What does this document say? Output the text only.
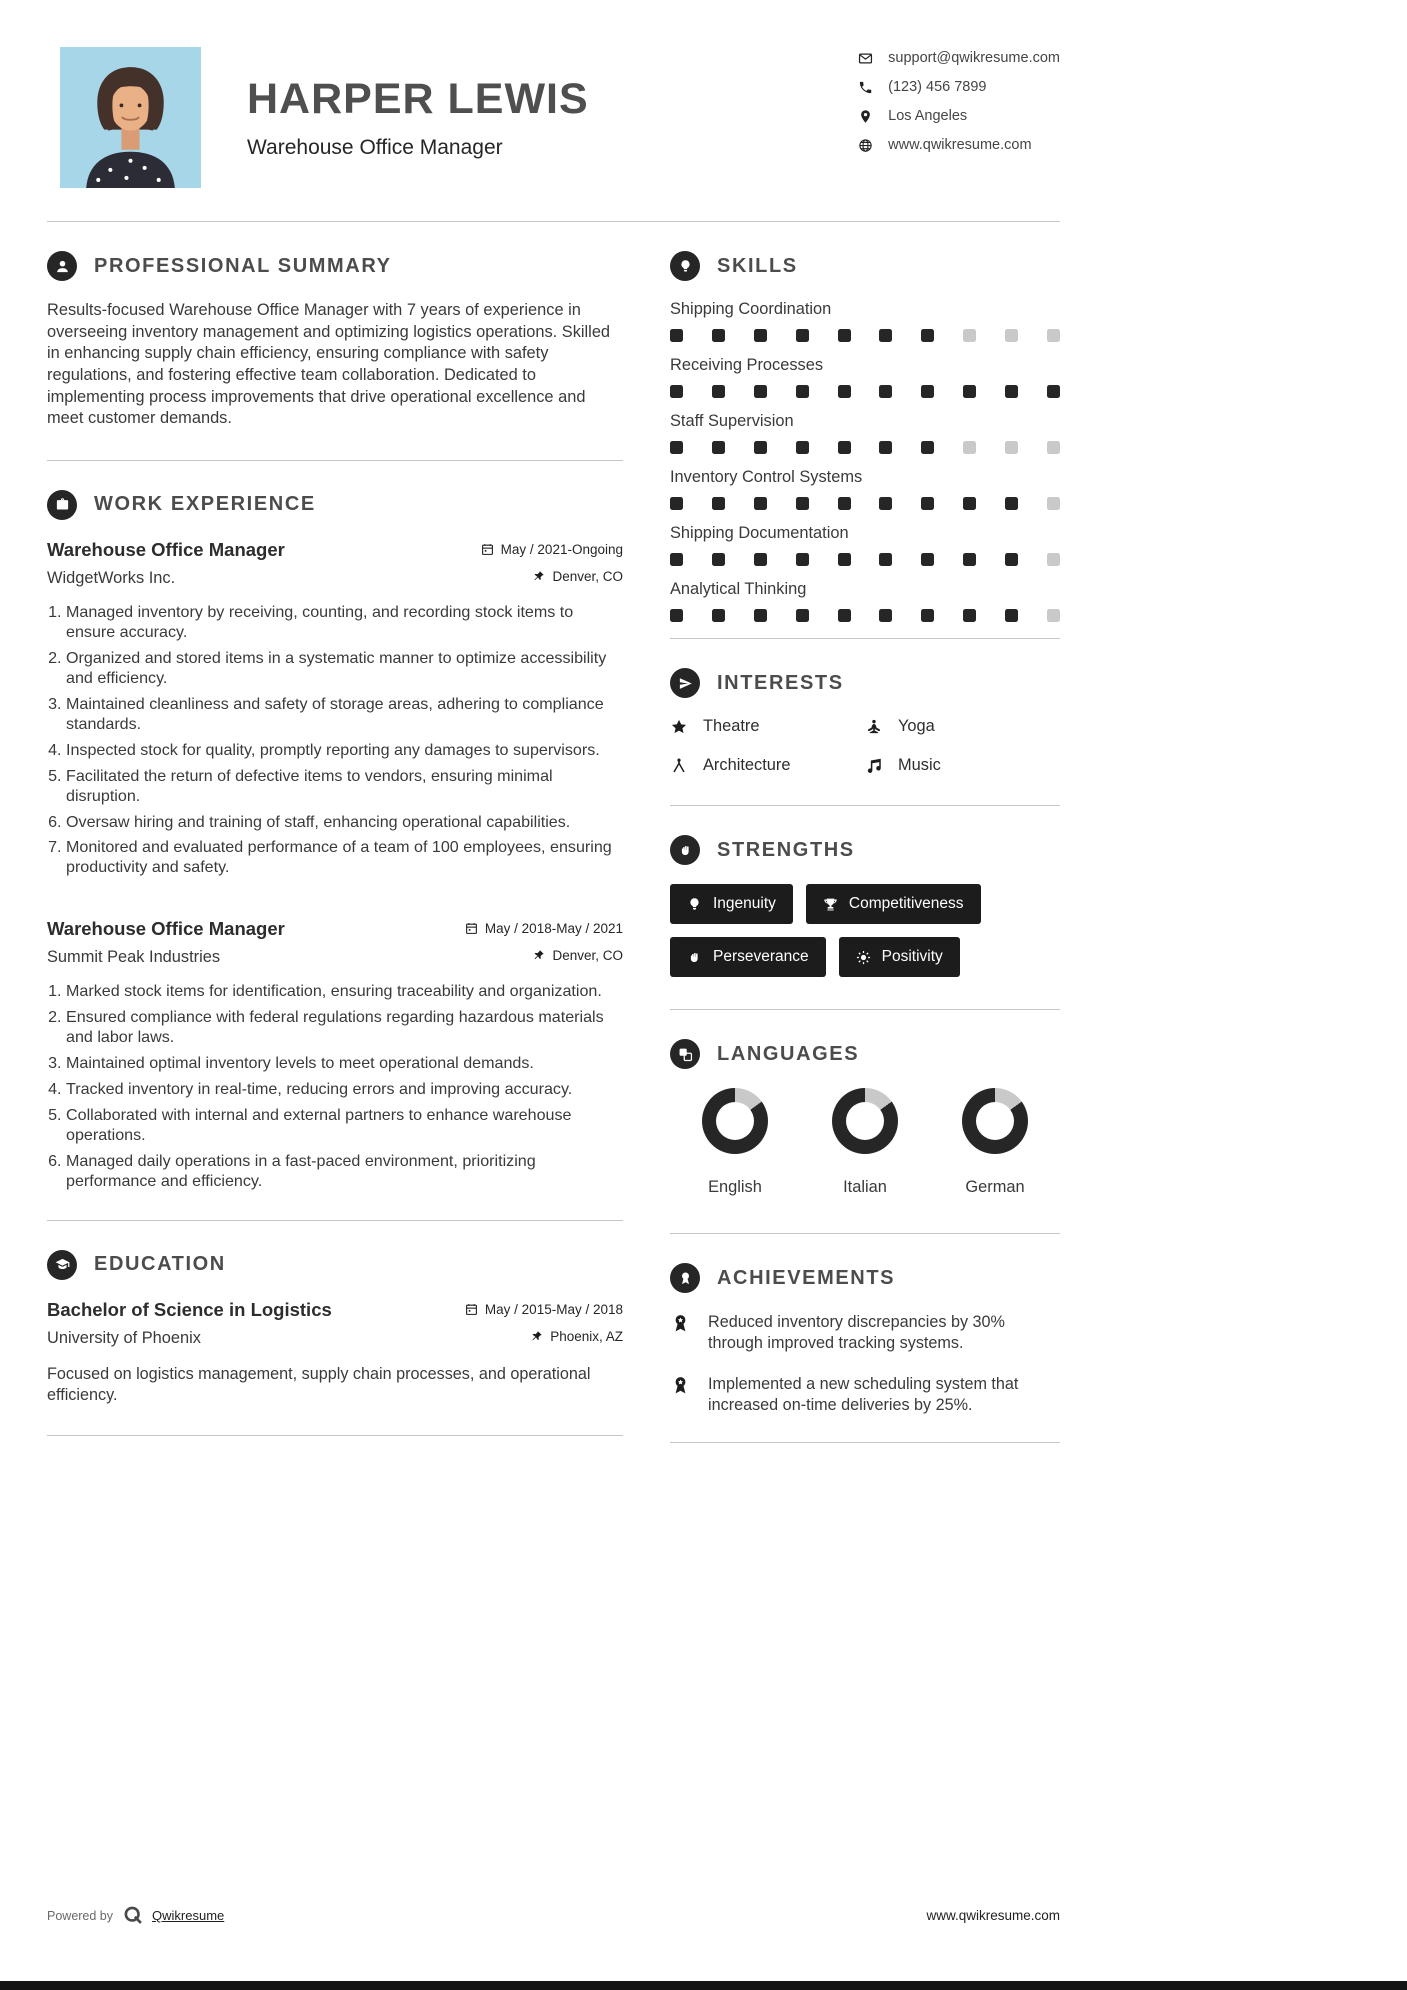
HARPER LEWIS
Warehouse Office Manager
support@qwikresume.com
(123) 456 7899
Los Angeles
www.qwikresume.com
PROFESSIONAL SUMMARY

Results-focused Warehouse Office Manager with 7 years of experience in overseeing inventory management and optimizing logistics operations. Skilled in enhancing supply chain efficiency, ensuring compliance with safety regulations, and fostering effective team collaboration. Dedicated to implementing process improvements that drive operational excellence and meet customer demands.

WORK EXPERIENCE
Warehouse Office Manager	May / 2021-Ongoing
WidgetWorks Inc.	Denver, CO
1. Managed inventory by receiving, counting, and recording stock items to ensure accuracy.
2. Organized and stored items in a systematic manner to optimize accessibility and efficiency.
3. Maintained cleanliness and safety of storage areas, adhering to compliance standards.
4. Inspected stock for quality, promptly reporting any damages to supervisors.
5. Facilitated the return of defective items to vendors, ensuring minimal disruption.
6. Oversaw hiring and training of staff, enhancing operational capabilities.
7. Monitored and evaluated performance of a team of 100 employees, ensuring productivity and safety.
Warehouse Office Manager	May / 2018-May / 2021
Summit Peak Industries	Denver, CO
1. Marked stock items for identification, ensuring traceability and organization.
2. Ensured compliance with federal regulations regarding hazardous materials and labor laws.
3. Maintained optimal inventory levels to meet operational demands.
4. Tracked inventory in real-time, reducing errors and improving accuracy.
5. Collaborated with internal and external partners to enhance warehouse operations.
6. Managed daily operations in a fast-paced environment, prioritizing performance and efficiency.
EDUCATION
Bachelor of Science in Logistics	May / 2015-May / 2018
University of Phoenix	Phoenix, AZ

Focused on logistics management, supply chain processes, and operational efficiency.

SKILLS
Shipping Coordination
Receiving Processes
Staff Supervision
Inventory Control Systems
Shipping Documentation
Analytical Thinking
INTERESTS
Theatre	Yoga
Architecture	Music
STRENGTHS
Ingenuity	Competitiveness
Perseverance	Positivity
LANGUAGES
English	Italian	German
ACHIEVEMENTS
Reduced inventory discrepancies by 30% through improved tracking systems.
Implemented a new scheduling system that increased on-time deliveries by 25%.
Powered by	Qwikresume	www.qwikresume.com
